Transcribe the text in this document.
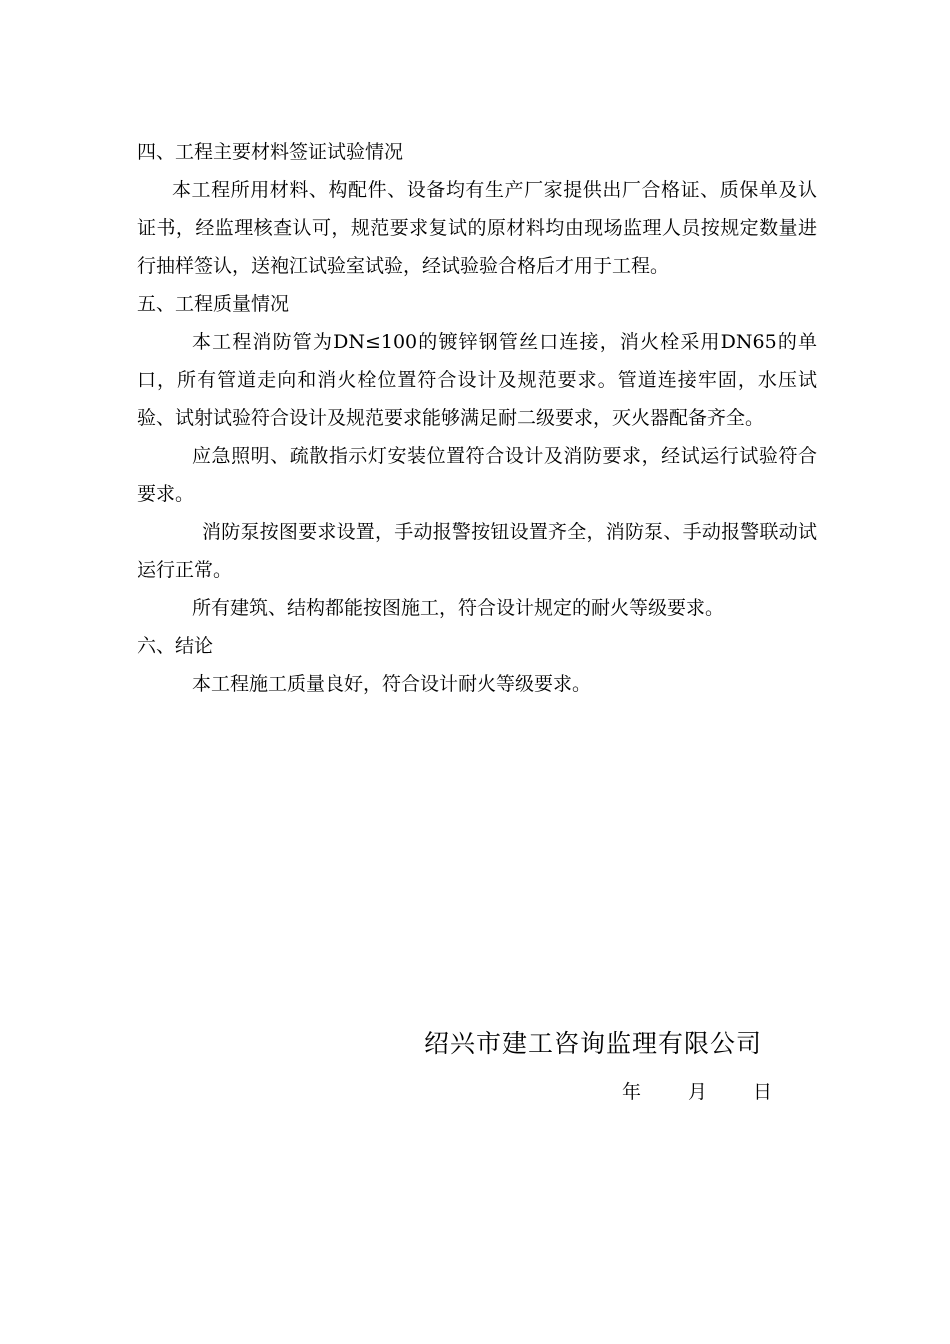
四、工程主要材料签证试验情况

本工程所用材料、构配件、设备均有生产厂家提供出厂合格证、质保单及认证书，经监理核查认可，规范要求复试的原材料均由现场监理人员按规定数量进行抽样签认，送袍江试验室试验，经试验验合格后才用于工程。

五、工程质量情况

本工程消防管为DN≤100的镀锌钢管丝口连接，消火栓采用DN65的单口，所有管道走向和消火栓位置符合设计及规范要求。管道连接牢固，水压试验、试射试验符合设计及规范要求能够满足耐二级要求，灭火器配备齐全。

应急照明、疏散指示灯安装位置符合设计及消防要求，经试运行试验符合要求。

消防泵按图要求设置，手动报警按钮设置齐全，消防泵、手动报警联动试运行正常。

所有建筑、结构都能按图施工，符合设计规定的耐火等级要求。

六、结论

本工程施工质量良好，符合设计耐火等级要求。

绍兴市建工咨询监理有限公司
年 月 日
